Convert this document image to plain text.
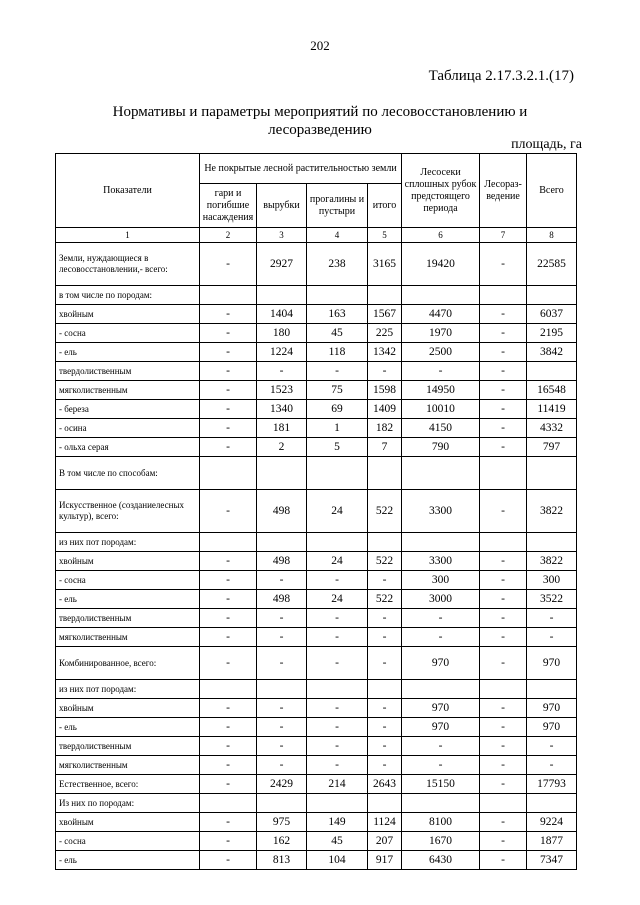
202
Таблица 2.17.3.2.1.(17)
Нормативы и параметры мероприятий по лесовосстановлению и лесоразведению
площадь, га
Показатели	Не покрытые лесной растительностью земли				Лесосеки сплошных рубок предстоящего периода	Лесораз-ведение	Всего
	гари и погибшие насаждения	вырубки	прогалины и пустыри	итого			
1	2	3	4	5	6	7	8
Земли, нуждающиеся в лесовосстановлении,- всего:	-	2927	238	3165	19420	-	22585
в том числе по породам:							
хвойным	-	1404	163	1567	4470	-	6037
- сосна	-	180	45	225	1970	-	2195
- ель	-	1224	118	1342	2500	-	3842
твердолиственным	-	-	-	-	-	-	
мягколиственным	-	1523	75	1598	14950	-	16548
- береза	-	1340	69	1409	10010	-	11419
- осина	-	181	1	182	4150	-	4332
- ольха серая	-	2	5	7	790	-	797
В том числе по способам:							
Искусственное (созданиелесных культур), всего:	-	498	24	522	3300	-	3822
из них пот породам:							
хвойным	-	498	24	522	3300	-	3822
- сосна	-	-	-	-	300	-	300
- ель	-	498	24	522	3000	-	3522
твердолиственным	-	-	-	-	-	-	-
мягколиственным	-	-	-	-	-	-	-
Комбинированное, всего:	-	-	-	-	970	-	970
из них пот породам:							
хвойным	-	-	-	-	970	-	970
- ель	-	-	-	-	970	-	970
твердолиственным	-	-	-	-	-	-	-
мягколиственным	-	-	-	-	-	-	-
Естественное, всего:	-	2429	214	2643	15150	-	17793
Из них по породам:							
хвойным	-	975	149	1124	8100	-	9224
- сосна	-	162	45	207	1670	-	1877
- ель	-	813	104	917	6430	-	7347
